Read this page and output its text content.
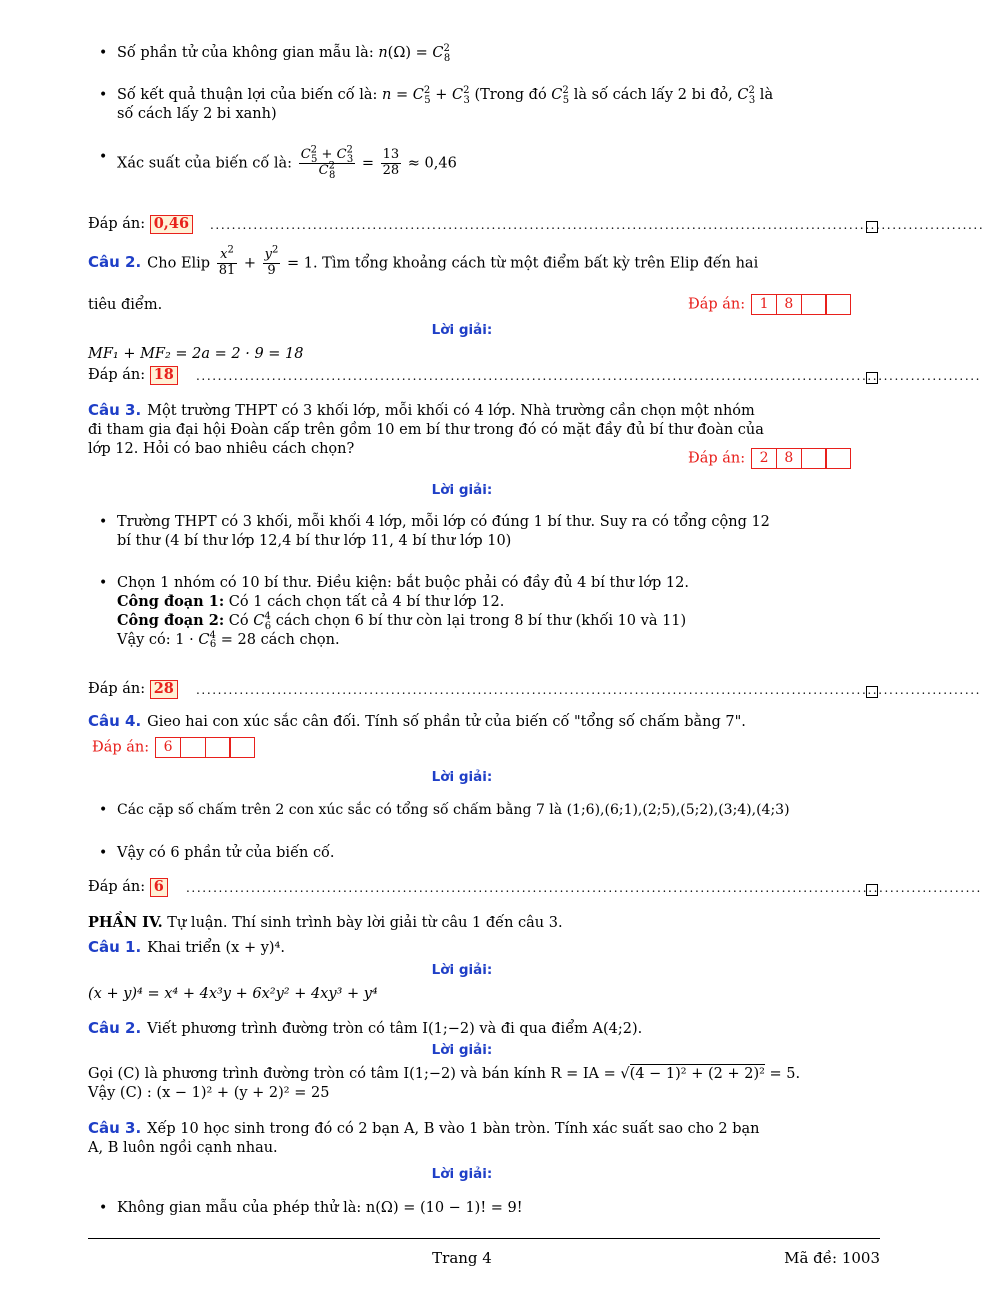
• Số phần tử của không gian mẫu là: $n(\Omega) = C^2_8$
• Số kết quả thuận lợi của biến cố là: $n = C^2_5 + C^2_3$ (Trong đó $C^2_5$ là số cách lấy 2 bi đỏ, $C^2_3$ là
số cách lấy 2 bi xanh)
• Xác suất của biến cố là: $\frac{C^2_5 + C^2_3}{C^2_8} = \frac{13}{28} \approx 0,46$
Đáp án: 0,46	...............................................................................................................................................
Câu 2. Cho Elip $\frac{x^2}{81} + \frac{y^2}{9} = 1$. Tìm tổng khoảng cách từ một điểm bất kỳ trên Elip đến hai
tiêu điểm.	Đáp án:	1	8
Lời giải:
MF₁ + MF₂ = 2a = 2 · 9 = 18
Đáp án: 18	.................................................................................................................................................
Câu 3. Một trường THPT có 3 khối lớp, mỗi khối có 4 lớp. Nhà trường cần chọn một nhóm
đi tham gia đại hội Đoàn cấp trên gồm 10 em bí thư trong đó có mặt đầy đủ bí thư đoàn của
lớp 12. Hỏi có bao nhiêu cách chọn?
Đáp án:	2	8
Lời giải:
• Trường THPT có 3 khối, mỗi khối 4 lớp, mỗi lớp có đúng 1 bí thư. Suy ra có tổng cộng 12
bí thư (4 bí thư lớp 12,4 bí thư lớp 11, 4 bí thư lớp 10)
• Chọn 1 nhóm có 10 bí thư. Điều kiện: bắt buộc phải có đầy đủ 4 bí thư lớp 12.
Công đoạn 1: Có 1 cách chọn tất cả 4 bí thư lớp 12.
Công đoạn 2: Có $C^4_6$ cách chọn 6 bí thư còn lại trong 8 bí thư (khối 10 và 11)
Vậy có: $1 \cdot C^4_6 = 28$ cách chọn.
Đáp án: 28	.................................................................................................................................................
Câu 4. Gieo hai con xúc sắc cân đối. Tính số phần tử của biến cố "tổng số chấm bằng 7".
Đáp án:	6
Lời giải:
• Các cặp số chấm trên 2 con xúc sắc có tổng số chấm bằng 7 là (1;6),(6;1),(2;5),(5;2),(3;4),(4;3)
• Vậy có 6 phần tử của biến cố.
Đáp án: 6	...................................................................................................................................................
PHẦN IV. Tự luận. Thí sinh trình bày lời giải từ câu 1 đến câu 3.
Câu 1. Khai triển (x + y)⁴.
Lời giải:
(x + y)⁴ = x⁴ + 4x³y + 6x²y² + 4xy³ + y⁴
Câu 2. Viết phương trình đường tròn có tâm I(1;−2) và đi qua điểm A(4;2).
Lời giải:
Gọi (C) là phương trình đường tròn có tâm I(1;−2) và bán kính R = IA = √(4 − 1)² + (2 + 2)² = 5.
Vậy (C) : (x − 1)² + (y + 2)² = 25
Câu 3. Xếp 10 học sinh trong đó có 2 bạn A, B vào 1 bàn tròn. Tính xác suất sao cho 2 bạn
A, B luôn ngồi cạnh nhau.
Lời giải:
• Không gian mẫu của phép thử là: n(Ω) = (10 − 1)! = 9!
Trang 4	Mã đề: 1003
